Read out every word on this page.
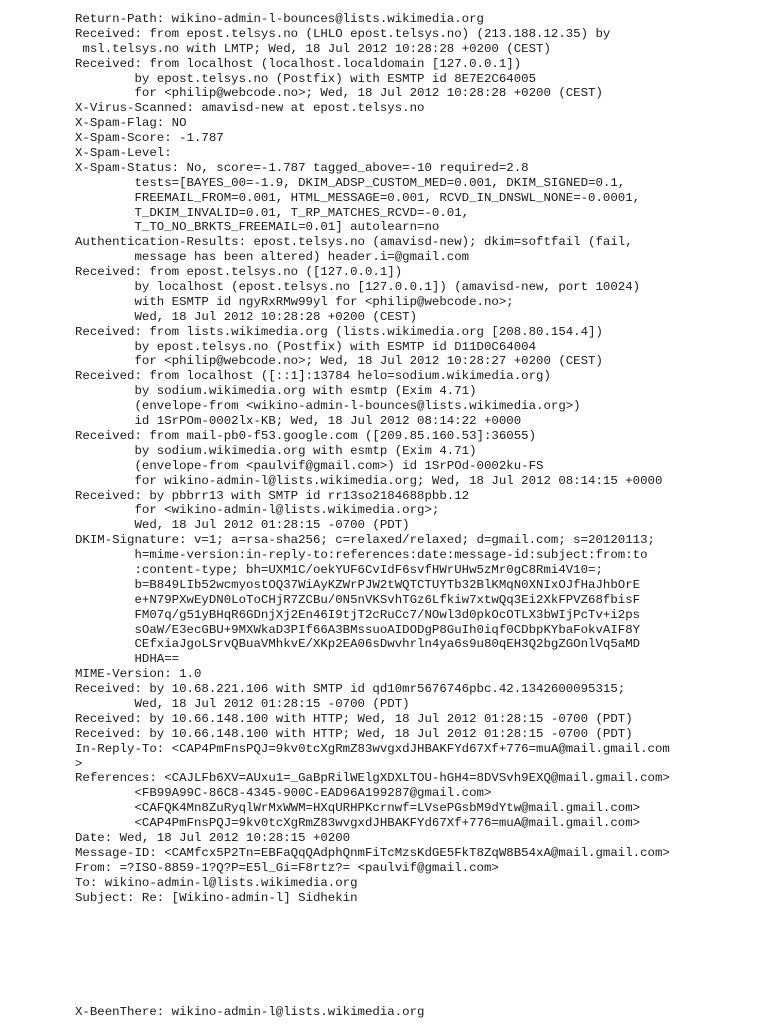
Return-Path: wikino-admin-l-bounces@lists.wikimedia.org
Received: from epost.telsys.no (LHLO epost.telsys.no) (213.188.12.35) by
msl.telsys.no with LMTP; Wed, 18 Jul 2012 10:28:28 +0200 (CEST)
Received: from localhost (localhost.localdomain [127.0.0.1])
by epost.telsys.no (Postfix) with ESMTP id 8E7E2C64005
for <philip@webcode.no>; Wed, 18 Jul 2012 10:28:28 +0200 (CEST)
X-Virus-Scanned: amavisd-new at epost.telsys.no
X-Spam-Flag: NO
X-Spam-Score: -1.787
X-Spam-Level:
X-Spam-Status: No, score=-1.787 tagged_above=-10 required=2.8
tests=[BAYES_00=-1.9, DKIM_ADSP_CUSTOM_MED=0.001, DKIM_SIGNED=0.1,
FREEMAIL_FROM=0.001, HTML_MESSAGE=0.001, RCVD_IN_DNSWL_NONE=-0.0001,
T_DKIM_INVALID=0.01, T_RP_MATCHES_RCVD=-0.01,
T_TO_NO_BRKTS_FREEMAIL=0.01] autolearn=no
Authentication-Results: epost.telsys.no (amavisd-new); dkim=softfail (fail,
message has been altered) header.i=@gmail.com
Received: from epost.telsys.no ([127.0.0.1])
by localhost (epost.telsys.no [127.0.0.1]) (amavisd-new, port 10024)
with ESMTP id ngyRxRMw99yl for <philip@webcode.no>;
Wed, 18 Jul 2012 10:28:28 +0200 (CEST)
Received: from lists.wikimedia.org (lists.wikimedia.org [208.80.154.4])
by epost.telsys.no (Postfix) with ESMTP id D11D0C64004
for <philip@webcode.no>; Wed, 18 Jul 2012 10:28:27 +0200 (CEST)
Received: from localhost ([::1]:13784 helo=sodium.wikimedia.org)
by sodium.wikimedia.org with esmtp (Exim 4.71)
(envelope-from <wikino-admin-l-bounces@lists.wikimedia.org>)
id 1SrPOm-0002lx-KB; Wed, 18 Jul 2012 08:14:22 +0000
Received: from mail-pb0-f53.google.com ([209.85.160.53]:36055)
by sodium.wikimedia.org with esmtp (Exim 4.71)
(envelope-from <paulvif@gmail.com>) id 1SrPOd-0002ku-FS
for wikino-admin-l@lists.wikimedia.org; Wed, 18 Jul 2012 08:14:15 +0000
Received: by pbbrr13 with SMTP id rr13so2184688pbb.12
for <wikino-admin-l@lists.wikimedia.org>;
Wed, 18 Jul 2012 01:28:15 -0700 (PDT)
DKIM-Signature: v=1; a=rsa-sha256; c=relaxed/relaxed; d=gmail.com; s=20120113;
h=mime-version:in-reply-to:references:date:message-id:subject:from:to
:content-type; bh=UXM1C/oekYUF6CvIdF6svfHWrUHw5zMr0gC8Rmi4V10=;
b=B849LIb52wcmyostOQ37WiAyKZWrPJW2tWQTCTUYTb32BlKMqN0XNIxOJfHaJhbOrE
e+N79PXwEyDN0LoToCHjR7ZCBu/0N5nVKSvhTGz6Lfkiw7xtwQq3Ei2XkFPVZ68fbisF
FM07q/g51yBHqR6GDnjXj2En46I9tjT2cRuCc7/NOwl3d0pkOcOTLX3bWIjPcTv+i2ps
sOaW/E3ecGBU+9MXWkaD3PIf66A3BMssuoAIDODgP8GuIh0iqf0CDbpKYbaFokvAIF8Y
CEfxiaJgoLSrvQBuaVMhkvE/XKp2EA06sDwvhrln4ya6s9u80qEH3Q2bgZGOnlVq5aMD
HDHA==
MIME-Version: 1.0
Received: by 10.68.221.106 with SMTP id qd10mr5676746pbc.42.1342600095315;
Wed, 18 Jul 2012 01:28:15 -0700 (PDT)
Received: by 10.66.148.100 with HTTP; Wed, 18 Jul 2012 01:28:15 -0700 (PDT)
Received: by 10.66.148.100 with HTTP; Wed, 18 Jul 2012 01:28:15 -0700 (PDT)
In-Reply-To: <CAP4PmFnsPQJ=9kv0tcXgRmZ83wvgxdJHBAKFYd67Xf+776=muA@mail.gmail.com
>
References: <CAJLFb6XV=AUxu1=_GaBpRilWElgXDXLTOU-hGH4=8DVSvh9EXQ@mail.gmail.com>
<FB99A99C-86C8-4345-900C-EAD96A199287@gmail.com>
<CAFQK4Mn8ZuRyqlWrMxWWM=HXqURHPKcrnwf=LVsePGsbM9dYtw@mail.gmail.com>
<CAP4PmFnsPQJ=9kv0tcXgRmZ83wvgxdJHBAKFYd67Xf+776=muA@mail.gmail.com>
Date: Wed, 18 Jul 2012 10:28:15 +0200
Message-ID: <CAMfcx5P2Tn=EBFaQqQAdphQnmFiTcMzsKdGE5FkT8ZqW8B54xA@mail.gmail.com>
From: =?ISO-8859-1?Q?P=E5l_Gi=F8rtz?= <paulvif@gmail.com>
To: wikino-admin-l@lists.wikimedia.org
Subject: Re: [Wikino-admin-l] Sidhekin
X-BeenThere: wikino-admin-l@lists.wikimedia.org
